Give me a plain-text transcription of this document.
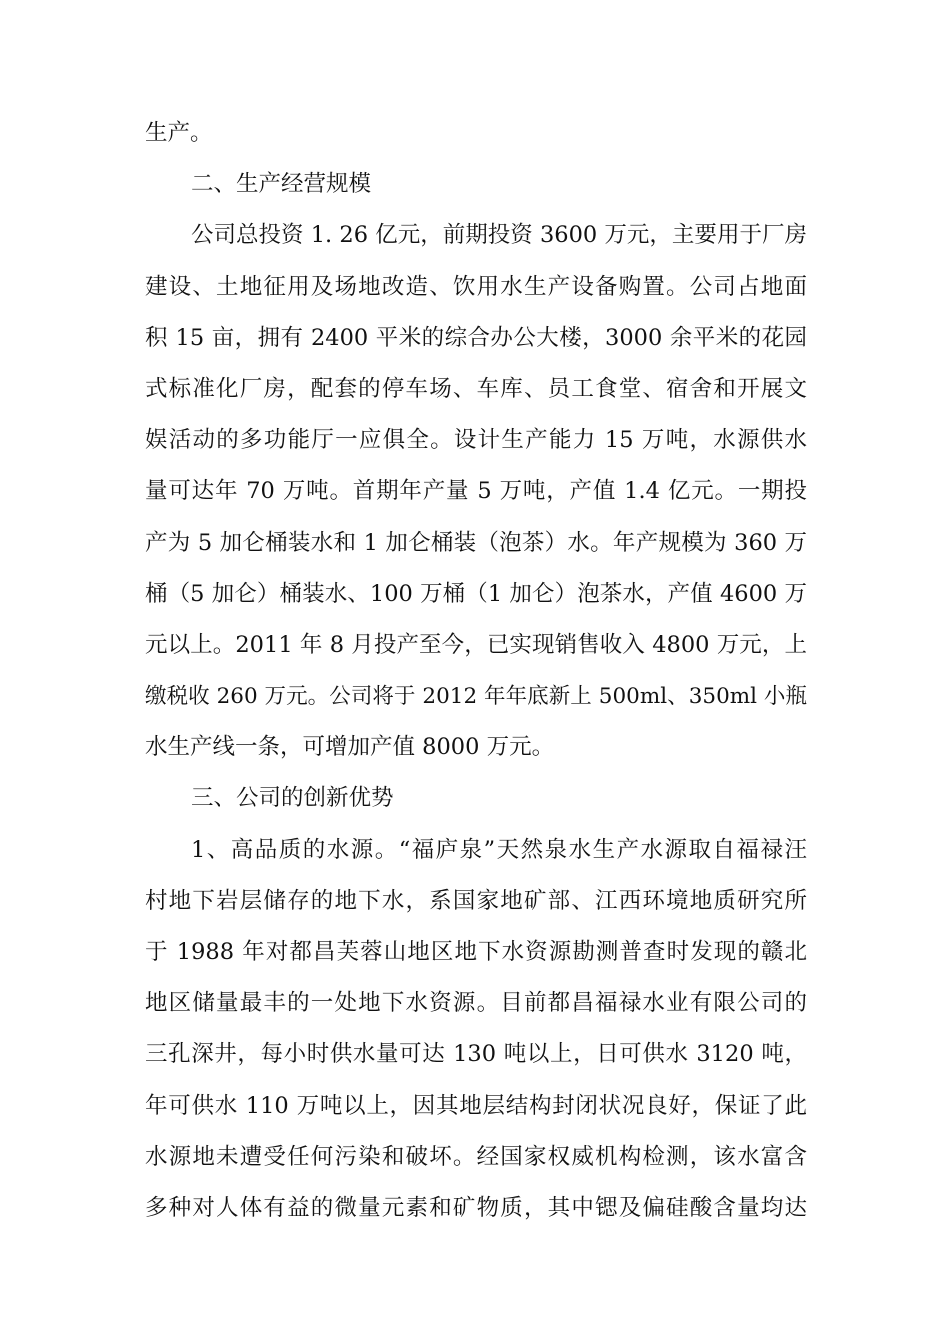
生产。
二、生产经营规模
公司总投资 1. 26 亿元，前期投资 3600 万元，主要用于厂房
建设、土地征用及场地改造、饮用水生产设备购置。公司占地面
积 15 亩，拥有 2400 平米的综合办公大楼，3000 余平米的花园
式标准化厂房，配套的停车场、车库、员工食堂、宿舍和开展文
娱活动的多功能厅一应俱全。设计生产能力 15 万吨，水源供水
量可达年 70 万吨。首期年产量 5 万吨，产值 1.4 亿元。一期投
产为 5 加仑桶装水和 1 加仑桶装（泡茶）水。年产规模为 360 万
桶（5 加仑）桶装水、100 万桶（1 加仑）泡茶水，产值 4600 万
元以上。2011 年 8 月投产至今，已实现销售收入 4800 万元，上
缴税收 260 万元。公司将于 2012 年年底新上 500ml、350ml 小瓶
水生产线一条，可增加产值 8000 万元。
三、公司的创新优势
1、高品质的水源。“福庐泉”天然泉水生产水源取自福禄汪
村地下岩层储存的地下水，系国家地矿部、江西环境地质研究所
于 1988 年对都昌芙蓉山地区地下水资源勘测普查时发现的赣北
地区储量最丰的一处地下水资源。目前都昌福禄水业有限公司的
三孔深井，每小时供水量可达 130 吨以上，日可供水 3120 吨，
年可供水 110 万吨以上，因其地层结构封闭状况良好，保证了此
水源地未遭受任何污染和破坏。经国家权威机构检测，该水富含
多种对人体有益的微量元素和矿物质，其中锶及偏硅酸含量均达
